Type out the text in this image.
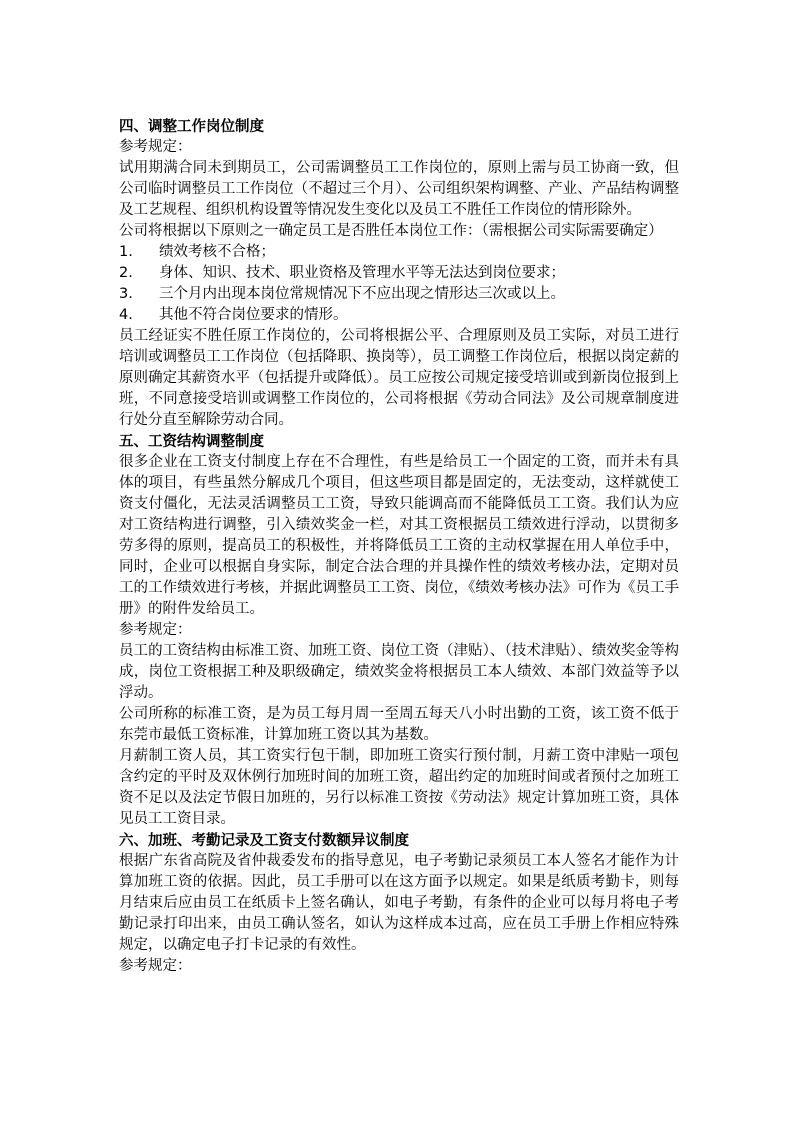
四、调整工作岗位制度

参考规定：

试用期满合同未到期员工，公司需调整员工工作岗位的，原则上需与员工协商一致，但公司临时调整员工工作岗位（不超过三个月）、公司组织架构调整、产业、产品结构调整及工艺规程、组织机构设置等情况发生变化以及员工不胜任工作岗位的情形除外。

公司将根据以下原则之一确定员工是否胜任本岗位工作：（需根据公司实际需要确定）

1.	绩效考核不合格；
2.	身体、知识、技术、职业资格及管理水平等无法达到岗位要求；
3.	三个月内出现本岗位常规情况下不应出现之情形达三次或以上。
4.	其他不符合岗位要求的情形。

员工经证实不胜任原工作岗位的，公司将根据公平、合理原则及员工实际，对员工进行培训或调整员工工作岗位（包括降职、换岗等），员工调整工作岗位后，根据以岗定薪的原则确定其薪资水平（包括提升或降低）。员工应按公司规定接受培训或到新岗位报到上班，不同意接受培训或调整工作岗位的，公司将根据《劳动合同法》及公司规章制度进行处分直至解除劳动合同。

五、工资结构调整制度

很多企业在工资支付制度上存在不合理性，有些是给员工一个固定的工资，而并未有具体的项目，有些虽然分解成几个项目，但这些项目都是固定的，无法变动，这样就使工资支付僵化，无法灵活调整员工工资，导致只能调高而不能降低员工工资。我们认为应对工资结构进行调整，引入绩效奖金一栏，对其工资根据员工绩效进行浮动，以贯彻多劳多得的原则，提高员工的积极性，并将降低员工工资的主动权掌握在用人单位手中，同时，企业可以根据自身实际，制定合法合理的并具操作性的绩效考核办法，定期对员工的工作绩效进行考核，并据此调整员工工资、岗位，《绩效考核办法》可作为《员工手册》的附件发给员工。

参考规定：

员工的工资结构由标准工资、加班工资、岗位工资（津贴）、（技术津贴）、绩效奖金等构成，岗位工资根据工种及职级确定，绩效奖金将根据员工本人绩效、本部门效益等予以浮动。

公司所称的标准工资，是为员工每月周一至周五每天八小时出勤的工资，该工资不低于东莞市最低工资标准，计算加班工资以其为基数。

月薪制工资人员，其工资实行包干制，即加班工资实行预付制，月薪工资中津贴一项包含约定的平时及双休例行加班时间的加班工资，超出约定的加班时间或者预付之加班工资不足以及法定节假日加班的，另行以标准工资按《劳动法》规定计算加班工资，具体见员工工资目录。

六、加班、考勤记录及工资支付数额异议制度

根据广东省高院及省仲裁委发布的指导意见，电子考勤记录须员工本人签名才能作为计算加班工资的依据。因此，员工手册可以在这方面予以规定。如果是纸质考勤卡，则每月结束后应由员工在纸质卡上签名确认，如电子考勤，有条件的企业可以每月将电子考勤记录打印出来，由员工确认签名，如认为这样成本过高，应在员工手册上作相应特殊规定，以确定电子打卡记录的有效性。

参考规定：
